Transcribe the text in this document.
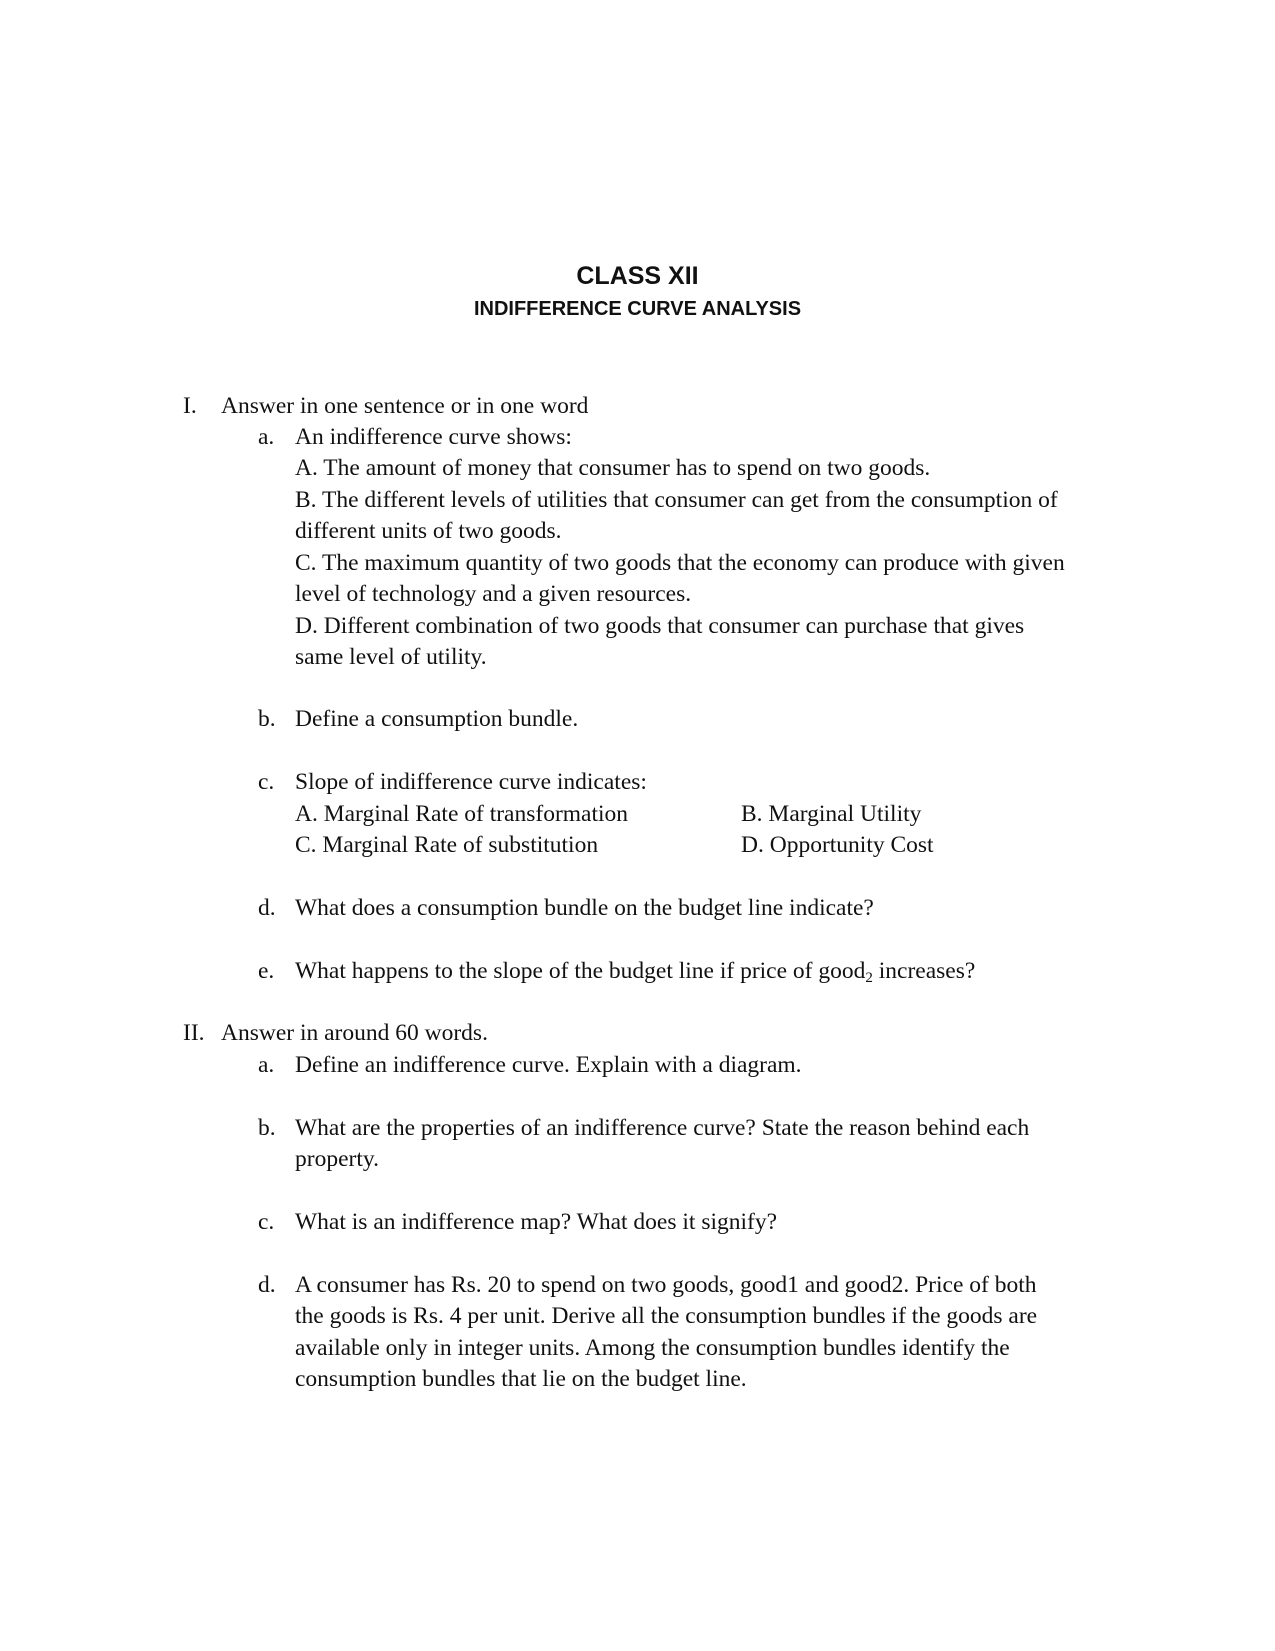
CLASS XII
INDIFFERENCE CURVE ANALYSIS
I. Answer in one sentence or in one word
a. An indifference curve shows:
A. The amount of money that consumer has to spend on two goods.
B. The different levels of utilities that consumer can get from the consumption of
different units of two goods.
C. The maximum quantity of two goods that the economy can produce with given
level of technology and a given resources.
D. Different combination of two goods that consumer can purchase that gives
same level of utility.
b. Define a consumption bundle.
c. Slope of indifference curve indicates:
A. Marginal Rate of transformation	B. Marginal Utility
C. Marginal Rate of substitution	D. Opportunity Cost
d. What does a consumption bundle on the budget line indicate?
e. What happens to the slope of the budget line if price of good$_2$ increases?
II. Answer in around 60 words.
a. Define an indifference curve. Explain with a diagram.
b. What are the properties of an indifference curve? State the reason behind each
property.
c. What is an indifference map? What does it signify?
d. A consumer has Rs. 20 to spend on two goods, good1 and good2. Price of both
the goods is Rs. 4 per unit. Derive all the consumption bundles if the goods are
available only in integer units. Among the consumption bundles identify the
consumption bundles that lie on the budget line.
